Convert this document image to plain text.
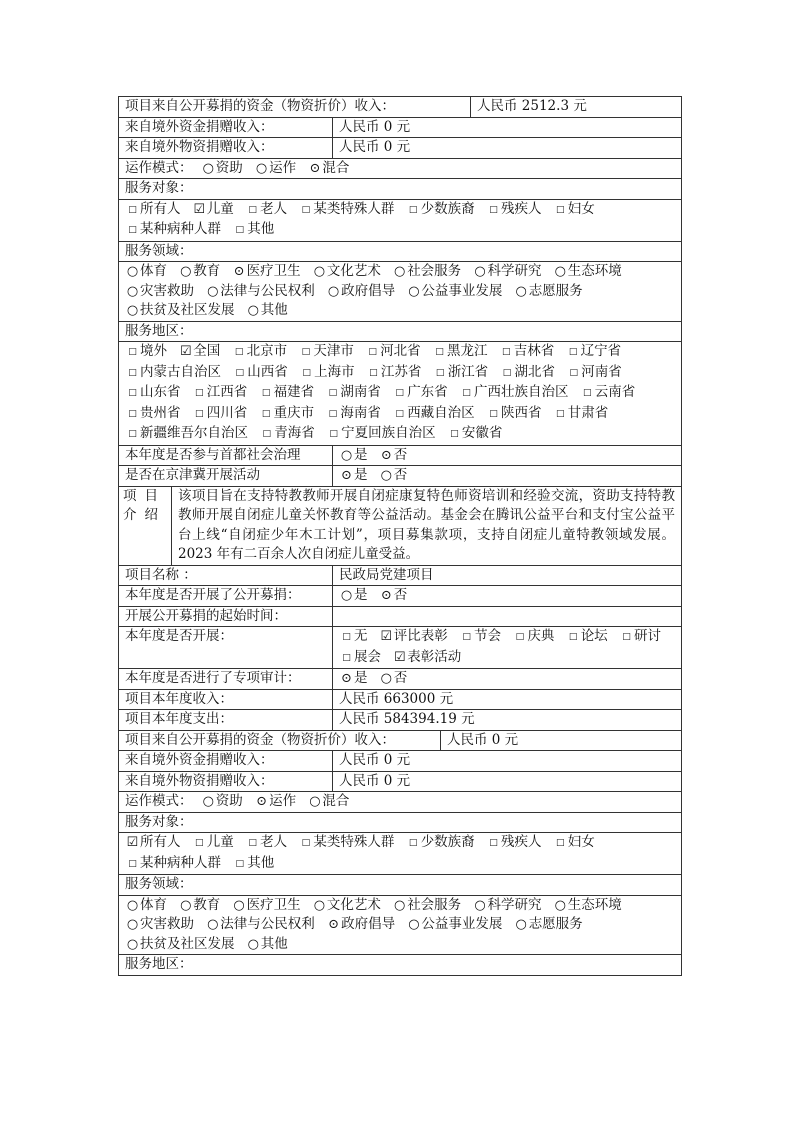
项目来自公开募捐的资金（物资折价）收入：	人民币 2512.3 元
来自境外资金捐赠收入：	人民币 0 元
来自境外物资捐赠收入：	人民币 0 元
运作模式： ○ 资助 ○ 运作 ⊙ 混合
服务对象：
□ 所有人 ☑ 儿童 □ 老人 □ 某类特殊人群 □ 少数族裔 □ 残疾人 □ 妇女 □ 某种病种人群 □ 其他
服务领域：
○ 体育 ○ 教育 ⊙ 医疗卫生 ○ 文化艺术 ○ 社会服务 ○ 科学研究 ○ 生态环境 ○ 灾害救助 ○ 法律与公民权利 ○ 政府倡导 ○ 公益事业发展 ○ 志愿服务 ○ 扶贫及社区发展 ○ 其他
服务地区：
□ 境外 ☑ 全国 □ 北京市 □ 天津市 □ 河北省 □ 黑龙江 □ 吉林省 □ 辽宁省 □ 内蒙古自治区 □ 山西省 □ 上海市 □ 江苏省 □ 浙江省 □ 湖北省 □ 河南省 □ 山东省 □ 江西省 □ 福建省 □ 湖南省 □ 广东省 □ 广西壮族自治区 □ 云南省 □ 贵州省 □ 四川省 □ 重庆市 □ 海南省 □ 西藏自治区 □ 陕西省 □ 甘肃省 □ 新疆维吾尔自治区 □ 青海省 □ 宁夏回族自治区 □ 安徽省
本年度是否参与首都社会治理	○ 是 ⊙ 否
是否在京津冀开展活动	⊙ 是 ○ 否
项目介绍
该项目旨在支持特教教师开展自闭症康复特色师资培训和经验交流，资助支持特教教师开展自闭症儿童关怀教育等公益活动。基金会在腾讯公益平台和支付宝公益平台上线“自闭症少年木工计划”，项目募集款项，支持自闭症儿童特教领域发展。2023 年有二百余人次自闭症儿童受益。
项目名称 ：	民政局党建项目
本年度是否开展了公开募捐：	○ 是 ⊙ 否
开展公开募捐的起始时间：
本年度是否开展：	□ 无 ☑ 评比表彰 □ 节会 □ 庆典 □ 论坛 □ 研讨 □ 展会 ☑ 表彰活动
本年度是否进行了专项审计：	⊙ 是 ○ 否
项目本年度收入：	人民币 663000 元
项目本年度支出：	人民币 584394.19 元
项目来自公开募捐的资金（物资折价）收入：	人民币 0 元
来自境外资金捐赠收入：	人民币 0 元
来自境外物资捐赠收入：	人民币 0 元
运作模式： ○ 资助 ⊙ 运作 ○ 混合
服务对象：
☑ 所有人 □ 儿童 □ 老人 □ 某类特殊人群 □ 少数族裔 □ 残疾人 □ 妇女 □ 某种病种人群 □ 其他
服务领域：
○ 体育 ○ 教育 ○ 医疗卫生 ○ 文化艺术 ○ 社会服务 ○ 科学研究 ○ 生态环境 ○ 灾害救助 ○ 法律与公民权利 ⊙ 政府倡导 ○ 公益事业发展 ○ 志愿服务 ○ 扶贫及社区发展 ○ 其他
服务地区：
